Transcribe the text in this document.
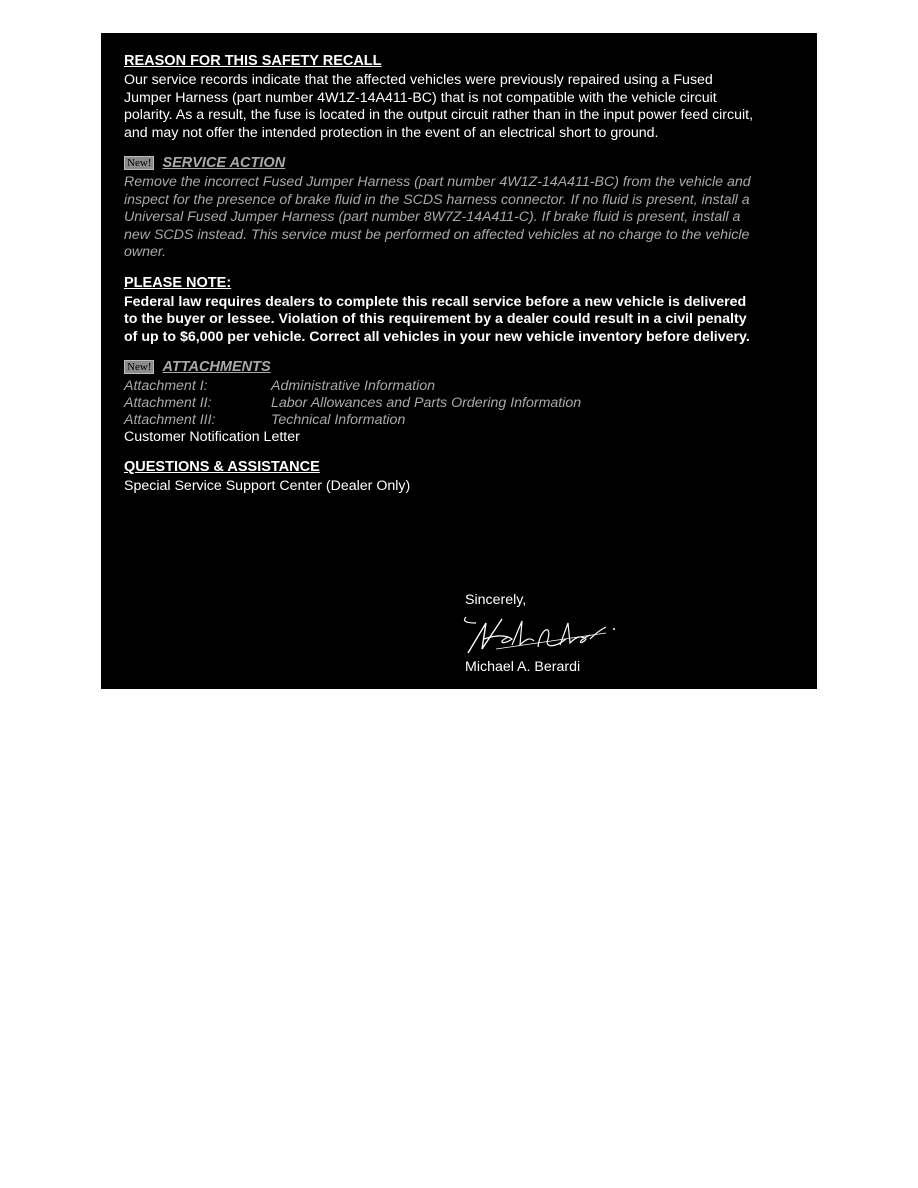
REASON FOR THIS SAFETY RECALL
Our service records indicate that the affected vehicles were previously repaired using a Fused
Jumper Harness (part number 4W1Z-14A411-BC) that is not compatible with the vehicle circuit
polarity. As a result, the fuse is located in the output circuit rather than in the input power feed circuit,
and may not offer the intended protection in the event of an electrical short to ground.
New! SERVICE ACTION
Remove the incorrect Fused Jumper Harness (part number 4W1Z-14A411-BC) from the vehicle and
inspect for the presence of brake fluid in the SCDS harness connector. If no fluid is present, install a
Universal Fused Jumper Harness (part number 8W7Z-14A411-C). If brake fluid is present, install a
new SCDS instead. This service must be performed on affected vehicles at no charge to the vehicle
owner.
PLEASE NOTE:
Federal law requires dealers to complete this recall service before a new vehicle is delivered
to the buyer or lessee. Violation of this requirement by a dealer could result in a civil penalty
of up to $6,000 per vehicle. Correct all vehicles in your new vehicle inventory before delivery.
New! ATTACHMENTS
Attachment I:	Administrative Information
Attachment II:	Labor Allowances and Parts Ordering Information
Attachment III:	Technical Information
Customer Notification Letter
QUESTIONS & ASSISTANCE
Special Service Support Center (Dealer Only)
Sincerely,
Michael A. Berardi
